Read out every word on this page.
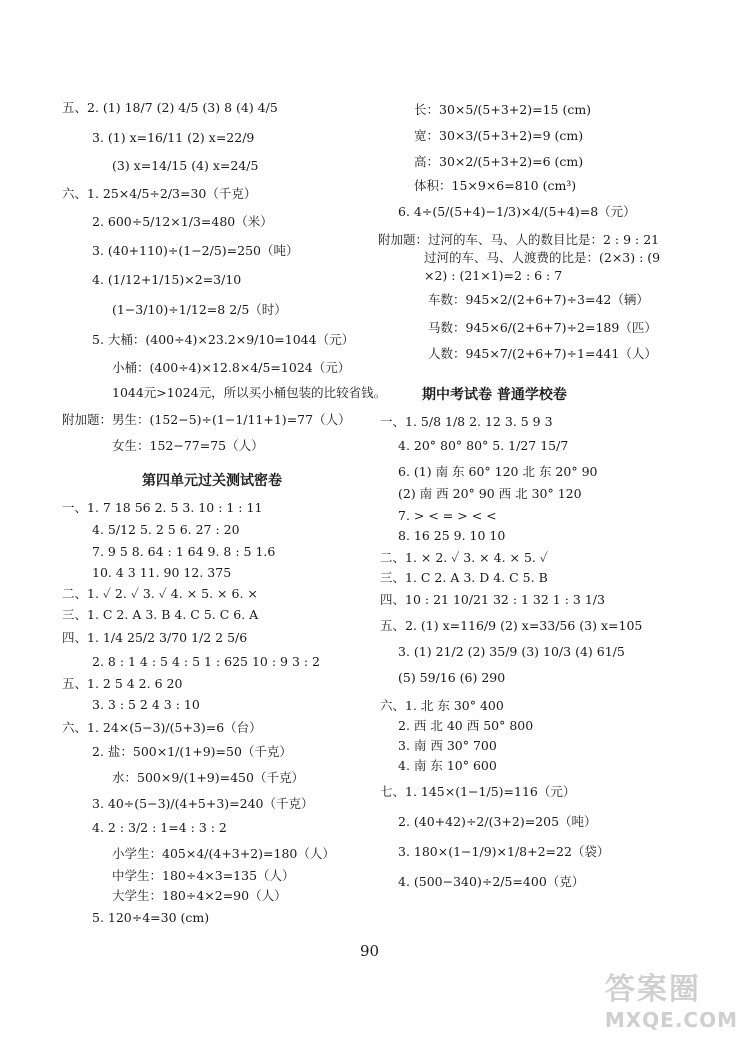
五、2. (1) 18/7 (2) 4/5 (3) 8 (4) 4/5
3. (1) x=16/11 (2) x=22/9
(3) x=14/15 (4) x=24/5
六、1. 25×4/5÷2/3=30（千克）
2. 600÷5/12×1/3=480（米）
3. (40+110)÷(1−2/5)=250（吨）
4. (1/12+1/15)×2=3/10
(1−3/10)÷1/12=8 2/5（时）
5. 大桶：(400÷4)×23.2×9/10=1044（元）
小桶：(400÷4)×12.8×4/5=1024（元）
1044元>1024元，所以买小桶包装的比较省钱。
附加题：男生：(152−5)÷(1−1/11+1)=77（人）
女生：152−77=75（人）
第四单元过关测试密卷
一、1. 7 18 56 2. 5 3. 10 : 1 : 11
4. 5/12 5. 2 5 6. 27 : 20
7. 9 5 8. 64 : 1 64 9. 8 : 5 1.6
10. 4 3 11. 90 12. 375
二、1. ✓ 2. ✓ 3. ✓ 4. × 5. × 6. ×
三、1. C 2. A 3. B 4. C 5. C 6. A
四、1. 1/4 25/2 3/70 1/2 2 5/6
2. 8 : 1 4 : 5 4 : 5 1 : 625 10 : 9 3 : 2
五、1. 2 5 4 2. 6 20
3. 3 : 5 2 4 3 : 10
六、1. 24×(5−3)/(5+3)=6（台）
2. 盐：500×1/(1+9)=50（千克）
水：500×9/(1+9)=450（千克）
3. 40÷(5−3)/(4+5+3)=240（千克）
4. 2 : 3/2 : 1=4 : 3 : 2
小学生：405×4/(4+3+2)=180（人）
中学生：180÷4×3=135（人）
大学生：180÷4×2=90（人）
5. 120÷4=30 (cm)
长：30×5/(5+3+2)=15 (cm)
宽：30×3/(5+3+2)=9 (cm)
高：30×2/(5+3+2)=6 (cm)
体积：15×9×6=810 (cm³)
6. 4÷(5/(5+4)−1/3)×4/(5+4)=8（元）
附加题：过河的车、马、人的数目比是：2 : 9 : 21
过河的车、马、人渡费的比是：(2×3) : (9
×2) : (21×1)=2 : 6 : 7
车数：945×2/(2+6+7)÷3=42（辆）
马数：945×6/(2+6+7)÷2=189（匹）
人数：945×7/(2+6+7)÷1=441（人）
期中考试卷 普通学校卷
一、1. 5/8 1/8 2. 12 3. 5 9 3
4. 20° 80° 80° 5. 1/27 15/7
6. (1) 南 东 60° 120 北 东 20° 90
(2) 南 西 20° 90 西 北 30° 120
7. > < = > < <
8. 16 25 9. 10 10
二、1. × 2. ✓ 3. × 4. × 5. ✓
三、1. C 2. A 3. D 4. C 5. B
四、10 : 21 10/21 32 : 1 32 1 : 3 1/3
五、2. (1) x=116/9 (2) x=33/56 (3) x=105
3. (1) 21/2 (2) 35/9 (3) 10/3 (4) 61/5
(5) 59/16 (6) 290
六、1. 北 东 30° 400
2. 西 北 40 西 50° 800
3. 南 西 30° 700
4. 南 东 10° 600
七、1. 145×(1−1/5)=116（元）
2. (40+42)÷2/(3+2)=205（吨）
3. 180×(1−1/9)×1/8+2=22（袋）
4. (500−340)÷2/5=400（克）
90
答案圈
MXQE.COM
